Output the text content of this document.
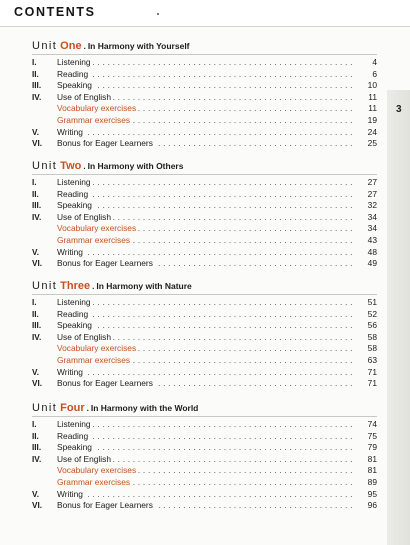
CONTENTS
3
Unit One . In Harmony with Yourself
I.	Listening . . .	4
II.	Reading . . .	6
III.	Speaking . . .	10
IV.	Use of English . . .	11
Vocabulary exercises . . .	11
Grammar exercises . . .	19
V.	Writing . . .	24
VI.	Bonus for Eager Learners . . .	25
Unit Two . In Harmony with Others
I.	Listening . . .	27
II.	Reading . . .	27
III.	Speaking . . .	32
IV.	Use of English . . .	34
Vocabulary exercises . . .	34
Grammar exercises . . .	43
V.	Writing . . .	48
VI.	Bonus for Eager Learners . . .	49
Unit Three . In Harmony with Nature
I.	Listening . . .	51
II.	Reading . . .	52
III.	Speaking . . .	56
IV.	Use of English . . .	58
Vocabulary exercises . . .	58
Grammar exercises . . .	63
V.	Writing . . .	71
VI.	Bonus for Eager Learners . . .	71
Unit Four . In Harmony with the World
I.	Listening . . .	74
II.	Reading . . .	75
III.	Speaking . . .	79
IV.	Use of English . . .	81
Vocabulary exercises . . .	81
Grammar exercises . . .	89
V.	Writing . . .	95
VI.	Bonus for Eager Learners . . .	96
